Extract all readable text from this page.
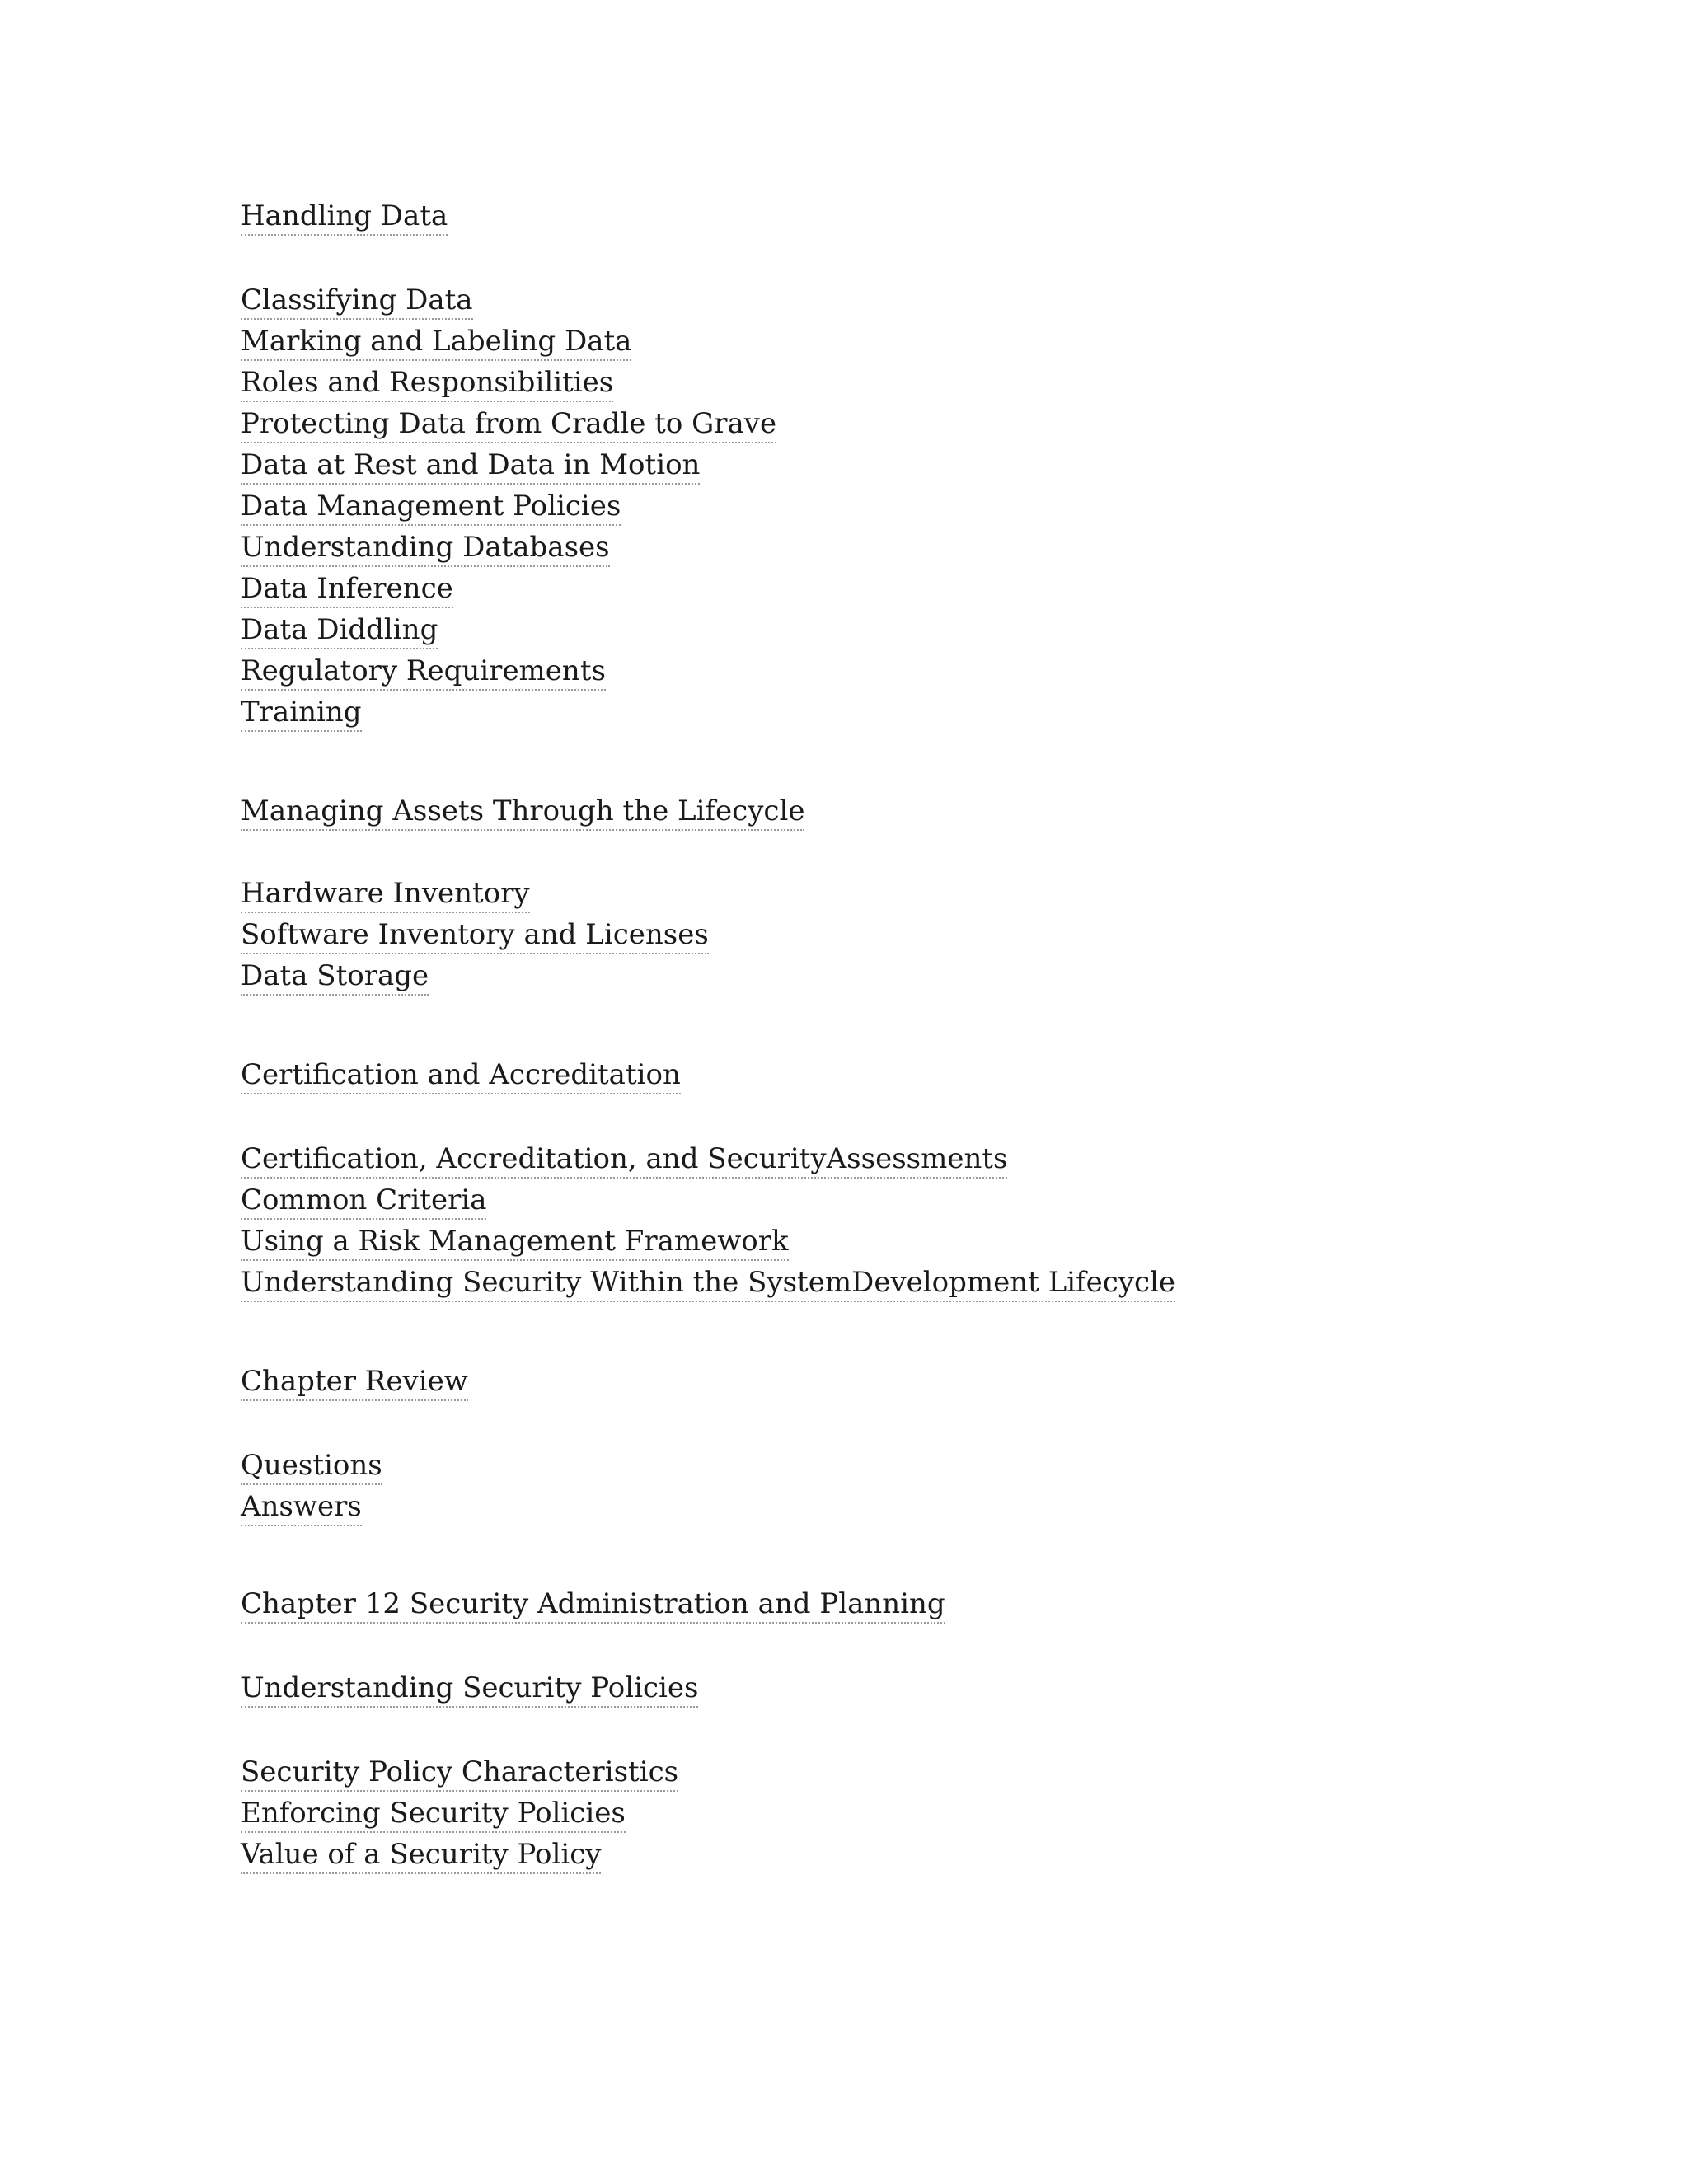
Handling Data
Classifying Data
Marking and Labeling Data
Roles and Responsibilities
Protecting Data from Cradle to Grave
Data at Rest and Data in Motion
Data Management Policies
Understanding Databases
Data Inference
Data Diddling
Regulatory Requirements
Training
Managing Assets Through the Lifecycle
Hardware Inventory
Software Inventory and Licenses
Data Storage
Certification and Accreditation
Certification, Accreditation, and SecurityAssessments
Common Criteria
Using a Risk Management Framework
Understanding Security Within the SystemDevelopment Lifecycle
Chapter Review
Questions
Answers
Chapter 12 Security Administration and Planning
Understanding Security Policies
Security Policy Characteristics
Enforcing Security Policies
Value of a Security Policy
